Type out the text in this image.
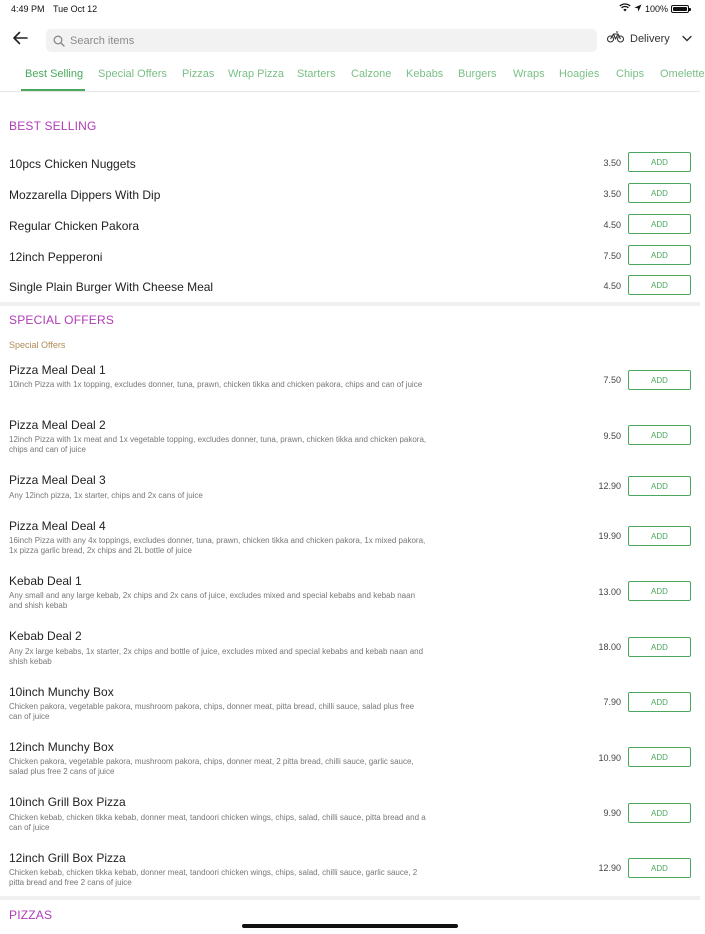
4:49 PM Tue Oct 12	100%
Search items
Delivery
Best Selling Special Offers Pizzas Wrap Pizza Starters Calzone Kebabs Burgers Wraps Hoagies Chips Omelette
BEST SELLING
10pcs Chicken Nuggets	3.50	ADD
Mozzarella Dippers With Dip	3.50	ADD
Regular Chicken Pakora	4.50	ADD
12inch Pepperoni	7.50	ADD
Single Plain Burger With Cheese Meal	4.50	ADD
SPECIAL OFFERS
Special Offers
Pizza Meal Deal 1
10inch Pizza with 1x topping, excludes donner, tuna, prawn, chicken tikka and chicken pakora, chips and can of juice	7.50	ADD
Pizza Meal Deal 2
12inch Pizza with 1x meat and 1x vegetable topping, excludes donner, tuna, prawn, chicken tikka and chicken pakora, chips and can of juice
9.50	ADD
Pizza Meal Deal 3
Any 12inch pizza, 1x starter, chips and 2x cans of juice
12.90	ADD
Pizza Meal Deal 4
16inch Pizza with any 4x toppings, excludes donner, tuna, prawn, chicken tikka and chicken pakora, 1x mixed pakora, 1x pizza garlic bread, 2x chips and 2L bottle of juice
19.90	ADD
Kebab Deal 1
Any small and any large kebab, 2x chips and 2x cans of juice, excludes mixed and special kebabs and kebab naan and shish kebab
13.00	ADD
Kebab Deal 2
Any 2x large kebabs, 1x starter, 2x chips and bottle of juice, excludes mixed and special kebabs and kebab naan and shish kebab
18.00	ADD
10inch Munchy Box
Chicken pakora, vegetable pakora, mushroom pakora, chips, donner meat, pitta bread, chilli sauce, salad plus free can of juice
7.90	ADD
12inch Munchy Box
Chicken pakora, vegetable pakora, mushroom pakora, chips, donner meat, 2 pitta bread, chilli sauce, garlic sauce, salad plus free 2 cans of juice
10.90	ADD
10inch Grill Box Pizza
Chicken kebab, chicken tikka kebab, donner meat, tandoori chicken wings, chips, salad, chilli sauce, pitta bread and a can of juice
9.90	ADD
12inch Grill Box Pizza
Chicken kebab, chicken tikka kebab, donner meat, tandoori chicken wings, chips, salad, chilli sauce, garlic sauce, 2 pitta bread and free 2 cans of juice
12.90	ADD
PIZZAS
